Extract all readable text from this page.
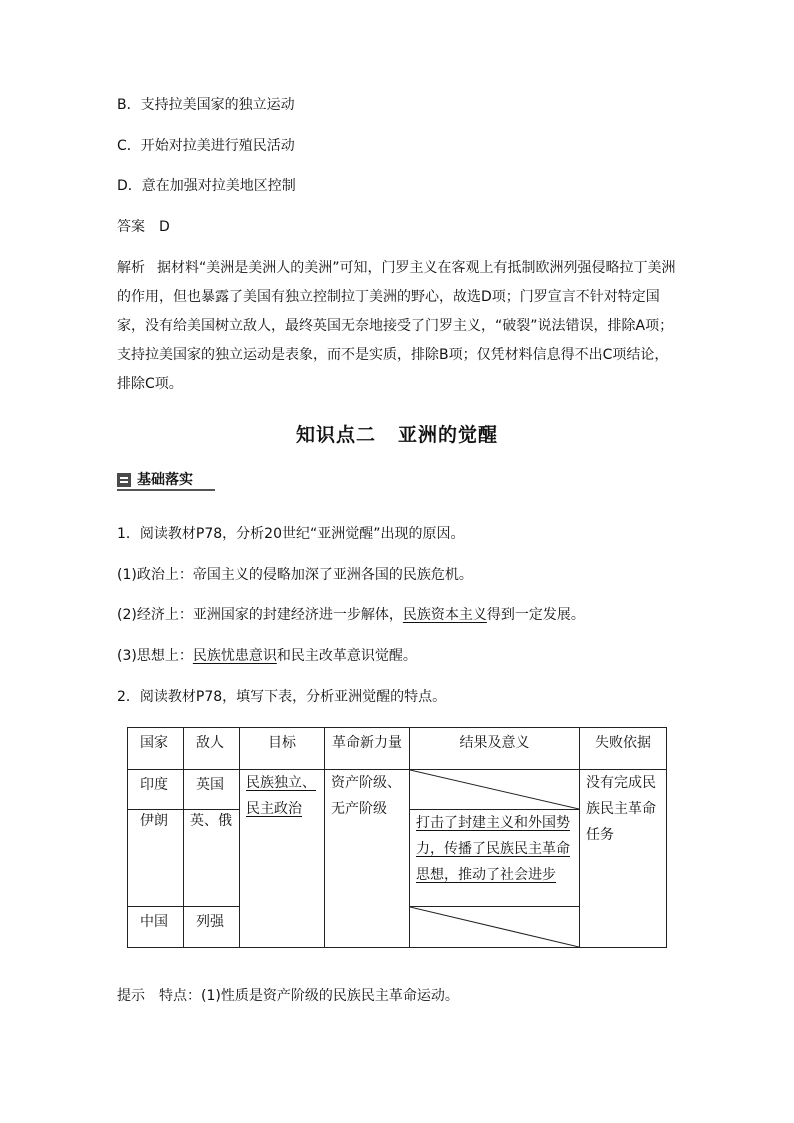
B．支持拉美国家的独立运动
C．开始对拉美进行殖民活动
D．意在加强对拉美地区控制
答案 D
解析 据材料“美洲是美洲人的美洲”可知，门罗主义在客观上有抵制欧洲列强侵略拉丁美洲的作用，但也暴露了美国有独立控制拉丁美洲的野心，故选D项；门罗宣言不针对特定国家，没有给美国树立敌人，最终英国无奈地接受了门罗主义，“破裂”说法错误，排除A项；支持拉美国家的独立运动是表象，而不是实质，排除B项；仅凭材料信息得不出C项结论，排除C项。
知识点二 亚洲的觉醒
基础落实
1．阅读教材P78，分析20世纪“亚洲觉醒”出现的原因。
(1)政治上：帝国主义的侵略加深了亚洲各国的民族危机。
(2)经济上：亚洲国家的封建经济进一步解体，民族资本主义得到一定发展。
(3)思想上：民族忧患意识和民主改革意识觉醒。
2．阅读教材P78，填写下表，分析亚洲觉醒的特点。
国家	敌人	目标	革命新力量	结果及意义	失败依据

印度	英国	民族独立、民主政治	资产阶级、无产阶级		没有完成民族民主革命任务

伊朗	英、俄			打击了封建主义和外国势力，传播了民族民主革命思想，推动了社会进步	

中国	列强

提示 特点：(1)性质是资产阶级的民族民主革命运动。
